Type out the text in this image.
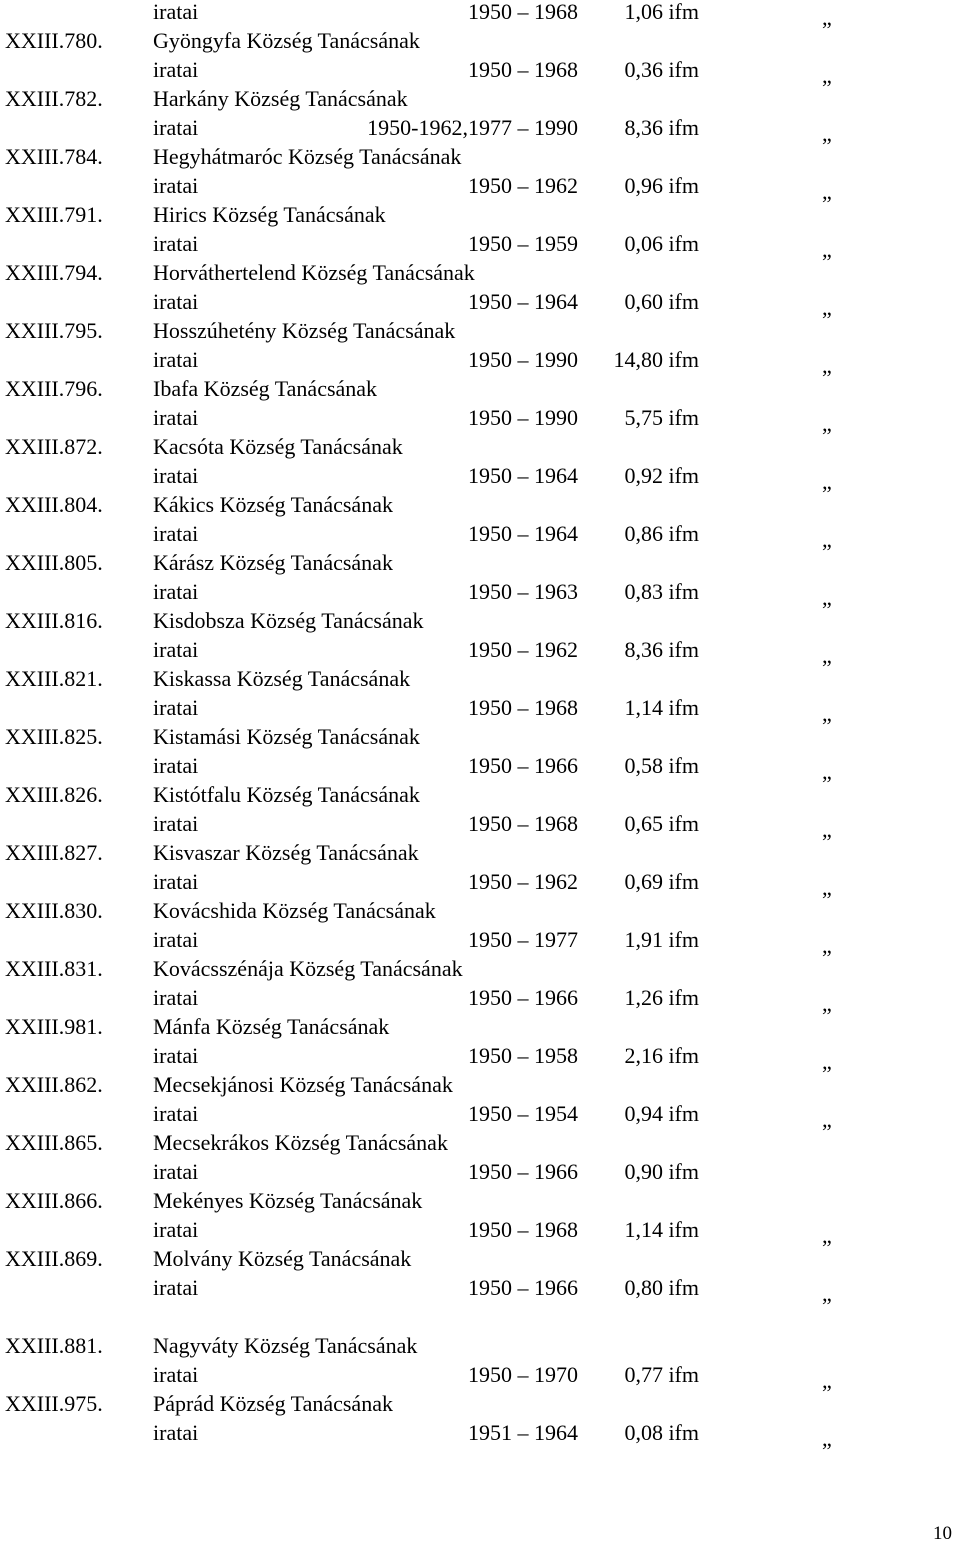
iratai	1950 – 1968 1,06 ifm	„
XXIII.780. Gyöngyfa Község Tanácsának
iratai	1950 – 1968 0,36 ifm	„
XXIII.782. Harkány Község Tanácsának
iratai	1950-1962,1977 – 1990 8,36 ifm	„
XXIII.784. Hegyhátmaróc Község Tanácsának
iratai	1950 – 1962 0,96 ifm	„
XXIII.791. Hirics Község Tanácsának
iratai	1950 – 1959 0,06 ifm	„
XXIII.794. Horváthertelend Község Tanácsának
iratai	1950 – 1964 0,60 ifm	„
XXIII.795. Hosszúhetény Község Tanácsának
iratai	1950 – 1990 14,80 ifm	„
XXIII.796. Ibafa Község Tanácsának
iratai	1950 – 1990 5,75 ifm	„
XXIII.872. Kacsóta Község Tanácsának
iratai	1950 – 1964 0,92 ifm	„
XXIII.804. Kákics Község Tanácsának
iratai	1950 – 1964 0,86 ifm	„
XXIII.805. Kárász Község Tanácsának
iratai	1950 – 1963 0,83 ifm	„
XXIII.816. Kisdobsza Község Tanácsának
iratai	1950 – 1962 8,36 ifm	„
XXIII.821. Kiskassa Község Tanácsának
iratai	1950 – 1968 1,14 ifm	„
XXIII.825. Kistamási Község Tanácsának
iratai	1950 – 1966 0,58 ifm	„
XXIII.826. Kistótfalu Község Tanácsának
iratai	1950 – 1968 0,65 ifm	„
XXIII.827. Kisvaszar Község Tanácsának
iratai	1950 – 1962 0,69 ifm	„
XXIII.830. Kovácshida Község Tanácsának
iratai	1950 – 1977 1,91 ifm	„
XXIII.831. Kovácsszénája Község Tanácsának
iratai	1950 – 1966 1,26 ifm	„
XXIII.981. Mánfa Község Tanácsának
iratai	1950 – 1958 2,16 ifm	„
XXIII.862. Mecsekjánosi Község Tanácsának
iratai	1950 – 1954 0,94 ifm	„
XXIII.865. Mecsekrákos Község Tanácsának
iratai	1950 – 1966 0,90 ifm
XXIII.866. Mekényes Község Tanácsának
iratai	1950 – 1968 1,14 ifm	„
XXIII.869. Molvány Község Tanácsának
iratai	1950 – 1966 0,80 ifm	„
XXIII.881. Nagyváty Község Tanácsának
iratai	1950 – 1970 0,77 ifm	„
XXIII.975. Páprád Község Tanácsának
iratai	1951 – 1964 0,08 ifm	„
10
